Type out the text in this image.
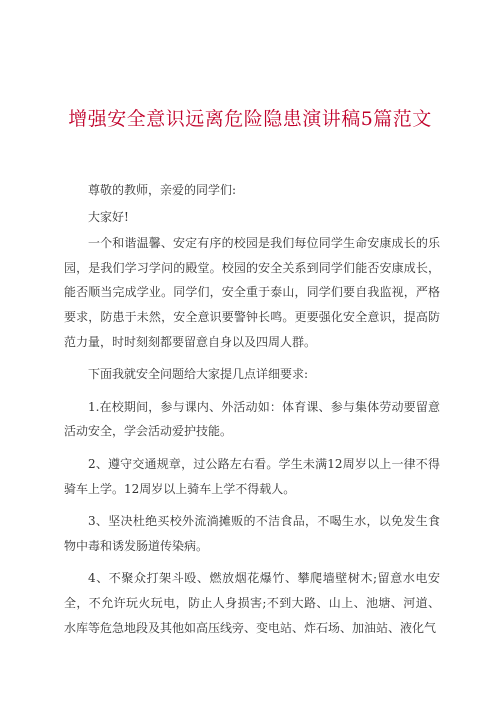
增强安全意识远离危险隐患演讲稿5篇范文

尊敬的教师，亲爱的同学们:

大家好!

一个和谐温馨、安定有序的校园是我们每位同学生命安康成长的乐园，是我们学习学问的殿堂。校园的安全关系到同学们能否安康成长，能否顺当完成学业。同学们，安全重于泰山，同学们要自我监视，严格要求，防患于未然，安全意识要警钟长鸣。更要强化安全意识，提高防范力量，时时刻刻都要留意自身以及四周人群。

下面我就安全问题给大家提几点详细要求:

1.在校期间，参与课内、外活动如：体育课、参与集体劳动要留意活动安全，学会活动爱护技能。

2、遵守交通规章，过公路左右看。学生未满12周岁以上一律不得骑车上学。12周岁以上骑车上学不得载人。

3、坚决杜绝买校外流淌摊贩的不洁食品，不喝生水，以免发生食物中毒和诱发肠道传染病。

4、不聚众打架斗殴、燃放烟花爆竹、攀爬墙壁树木;留意水电安全，不允许玩火玩电，防止人身损害;不到大路、山上、池塘、河道、水库等危急地段及其他如高压线旁、变电站、炸石场、加油站、液化气
